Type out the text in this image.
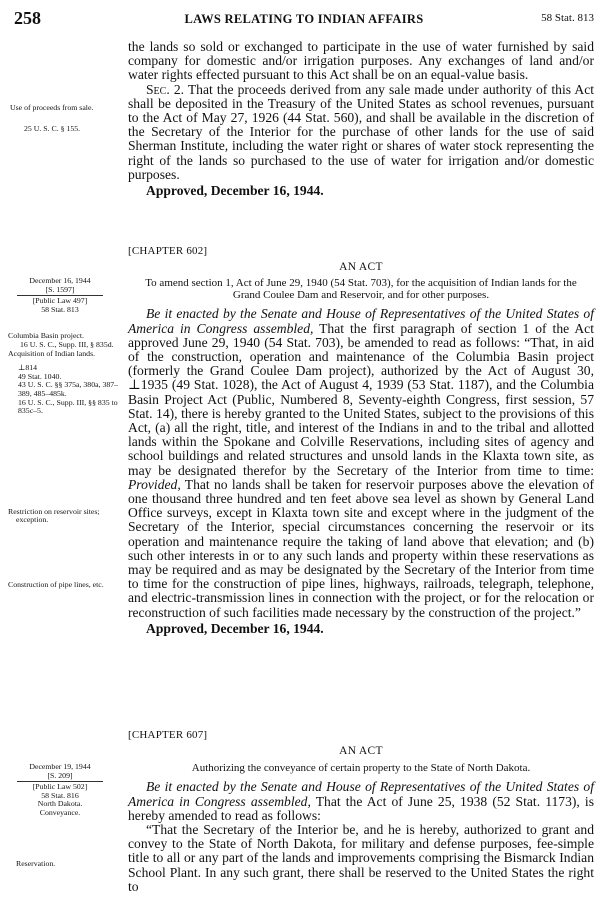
258	LAWS RELATING TO INDIAN AFFAIRS	58 Stat. 813

the lands so sold or exchanged to participate in the use of water furnished by said company for domestic and/or irrigation purposes. Any exchanges of land and/or water rights effected pursuant to this Act shall be on an equal-value basis.

Sec. 2. That the proceeds derived from any sale made under authority of this Act shall be deposited in the Treasury of the United States as school revenues, pursuant to the Act of May 27, 1926 (44 Stat. 560), and shall be available in the discretion of the Secretary of the Interior for the purchase of other lands for the use of said Sherman Institute, including the water right or shares of water stock representing the right of the lands so purchased to the use of water for irrigation and/or domestic purposes.

Approved, December 16, 1944.

Use of proceeds from sale.

25 U. S. C. § 155.

[CHAPTER 602]

AN ACT

To amend section 1, Act of June 29, 1940 (54 Stat. 703), for the acquisition of Indian lands for the Grand Coulee Dam and Reservoir, and for other purposes.

Be it enacted by the Senate and House of Representatives of the United States of America in Congress assembled, That the first paragraph of section 1 of the Act approved June 29, 1940 (54 Stat. 703), be amended to read as follows: “That, in aid of the construction, operation and maintenance of the Columbia Basin project (formerly the Grand Coulee Dam project), authorized by the Act of August 30, ⊥1935 (49 Stat. 1028), the Act of August 4, 1939 (53 Stat. 1187), and the Columbia Basin Project Act (Public, Numbered 8, Seventy-eighth Congress, first session, 57 Stat. 14), there is hereby granted to the United States, subject to the provisions of this Act, (a) all the right, title, and interest of the Indians in and to the tribal and allotted lands within the Spokane and Colville Reservations, including sites of agency and school buildings and related structures and unsold lands in the Klaxta town site, as may be designated therefor by the Secretary of the Interior from time to time: Provided, That no lands shall be taken for reservoir purposes above the elevation of one thousand three hundred and ten feet above sea level as shown by General Land Office surveys, except in Klaxta town site and except where in the judgment of the Secretary of the Interior, special circumstances concerning the reservoir or its operation and maintenance require the taking of land above that elevation; and (b) such other interests in or to any such lands and property within these reservations as may be required and as may be designated by the Secretary of the Interior from time to time for the construction of pipe lines, highways, railroads, telegraph, telephone, and electric-transmission lines in connection with the project, or for the relocation or reconstruction of such facilities made necessary by the construction of the project.”

Approved, December 16, 1944.

December 16, 1944

[S. 1597]

[Public Law 497]

58 Stat. 813

Columbia Basin project.

16 U. S. C., Supp. III, § 835d.

Acquisition of Indian lands.

⊥814

49 Stat. 1040.

43 U. S. C. §§ 375a, 380a, 387–389, 485–485k.

16 U. S. C., Supp. III, §§ 835 to 835c–5.

Restriction on reservoir sites; exception.

Construction of pipe lines, etc.

[CHAPTER 607]

AN ACT

Authorizing the conveyance of certain property to the State of North Dakota.

Be it enacted by the Senate and House of Representatives of the United States of America in Congress assembled, That the Act of June 25, 1938 (52 Stat. 1173), is hereby amended to read as follows:

“That the Secretary of the Interior be, and he is hereby, authorized to grant and convey to the State of North Dakota, for military and defense purposes, fee-simple title to all or any part of the lands and improvements comprising the Bismarck Indian School Plant. In any such grant, there shall be reserved to the United States the right to

December 19, 1944

[S. 209]

[Public Law 502]

58 Stat. 816

North Dakota.

Conveyance.

Reservation.
